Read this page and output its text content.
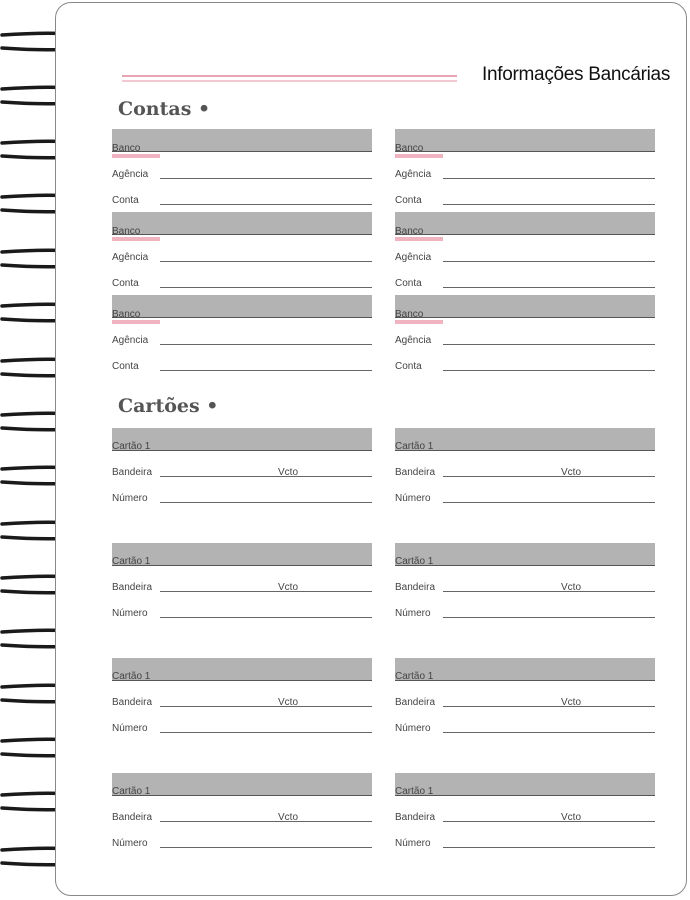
Informações Bancárias
Contas •
Cartões •
Banco
Agência
Conta
Banco
Agência
Conta
Banco
Agência
Conta
Banco
Agência
Conta
Banco
Agência
Conta
Banco
Agência
Conta
Cartão 1
Bandeira	Vcto
Número
Cartão 1
Bandeira	Vcto
Número
Cartão 1
Bandeira	Vcto
Número
Cartão 1
Bandeira	Vcto
Número
Cartão 1
Bandeira	Vcto
Número
Cartão 1
Bandeira	Vcto
Número
Cartão 1
Bandeira	Vcto
Número
Cartão 1
Bandeira	Vcto
Número
